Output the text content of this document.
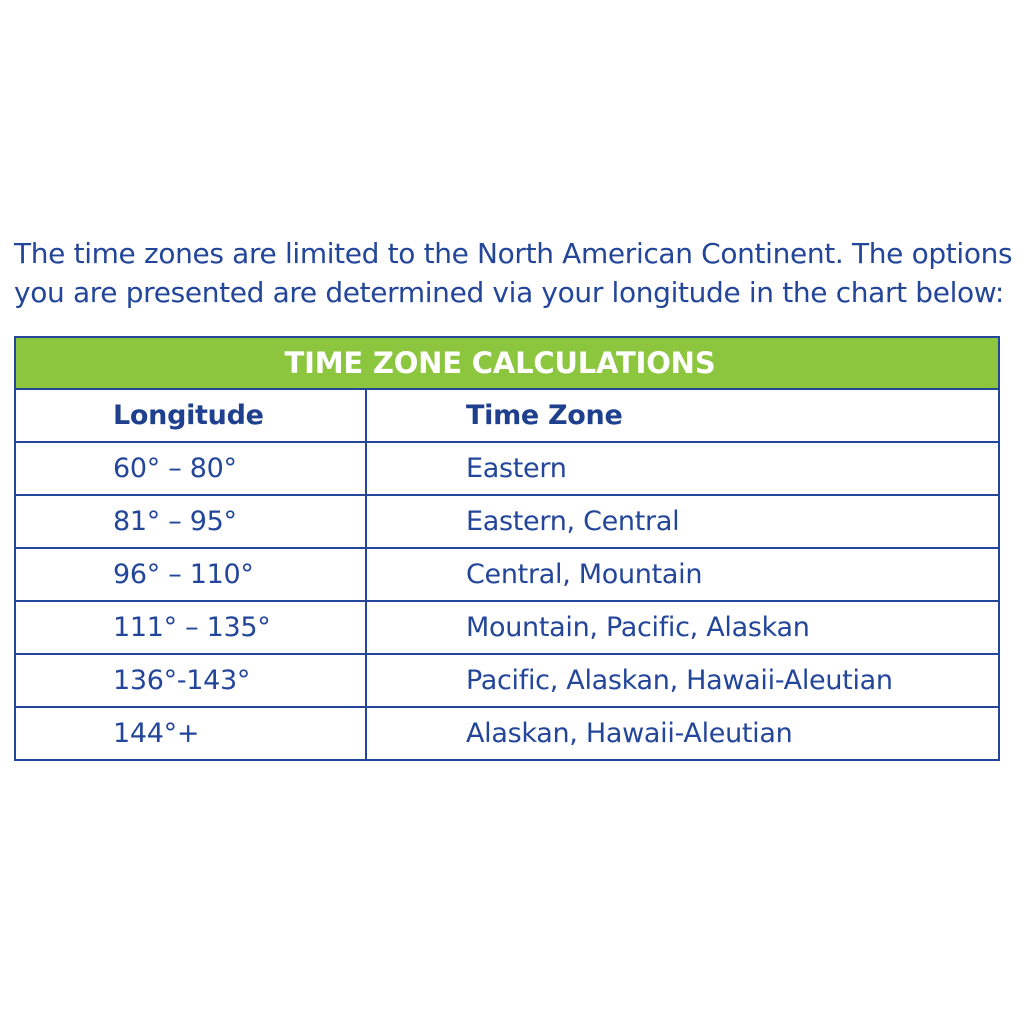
The time zones are limited to the North American Continent. The options
you are presented are determined via your longitude in the chart below:

TIME ZONE CALCULATIONS	
Longitude	Time Zone
60° – 80°	Eastern
81° – 95°	Eastern, Central
96° – 110°	Central, Mountain
111° – 135°	Mountain, Pacific, Alaskan
136°-143°	Pacific, Alaskan, Hawaii-Aleutian
144°+	Alaskan, Hawaii-Aleutian
